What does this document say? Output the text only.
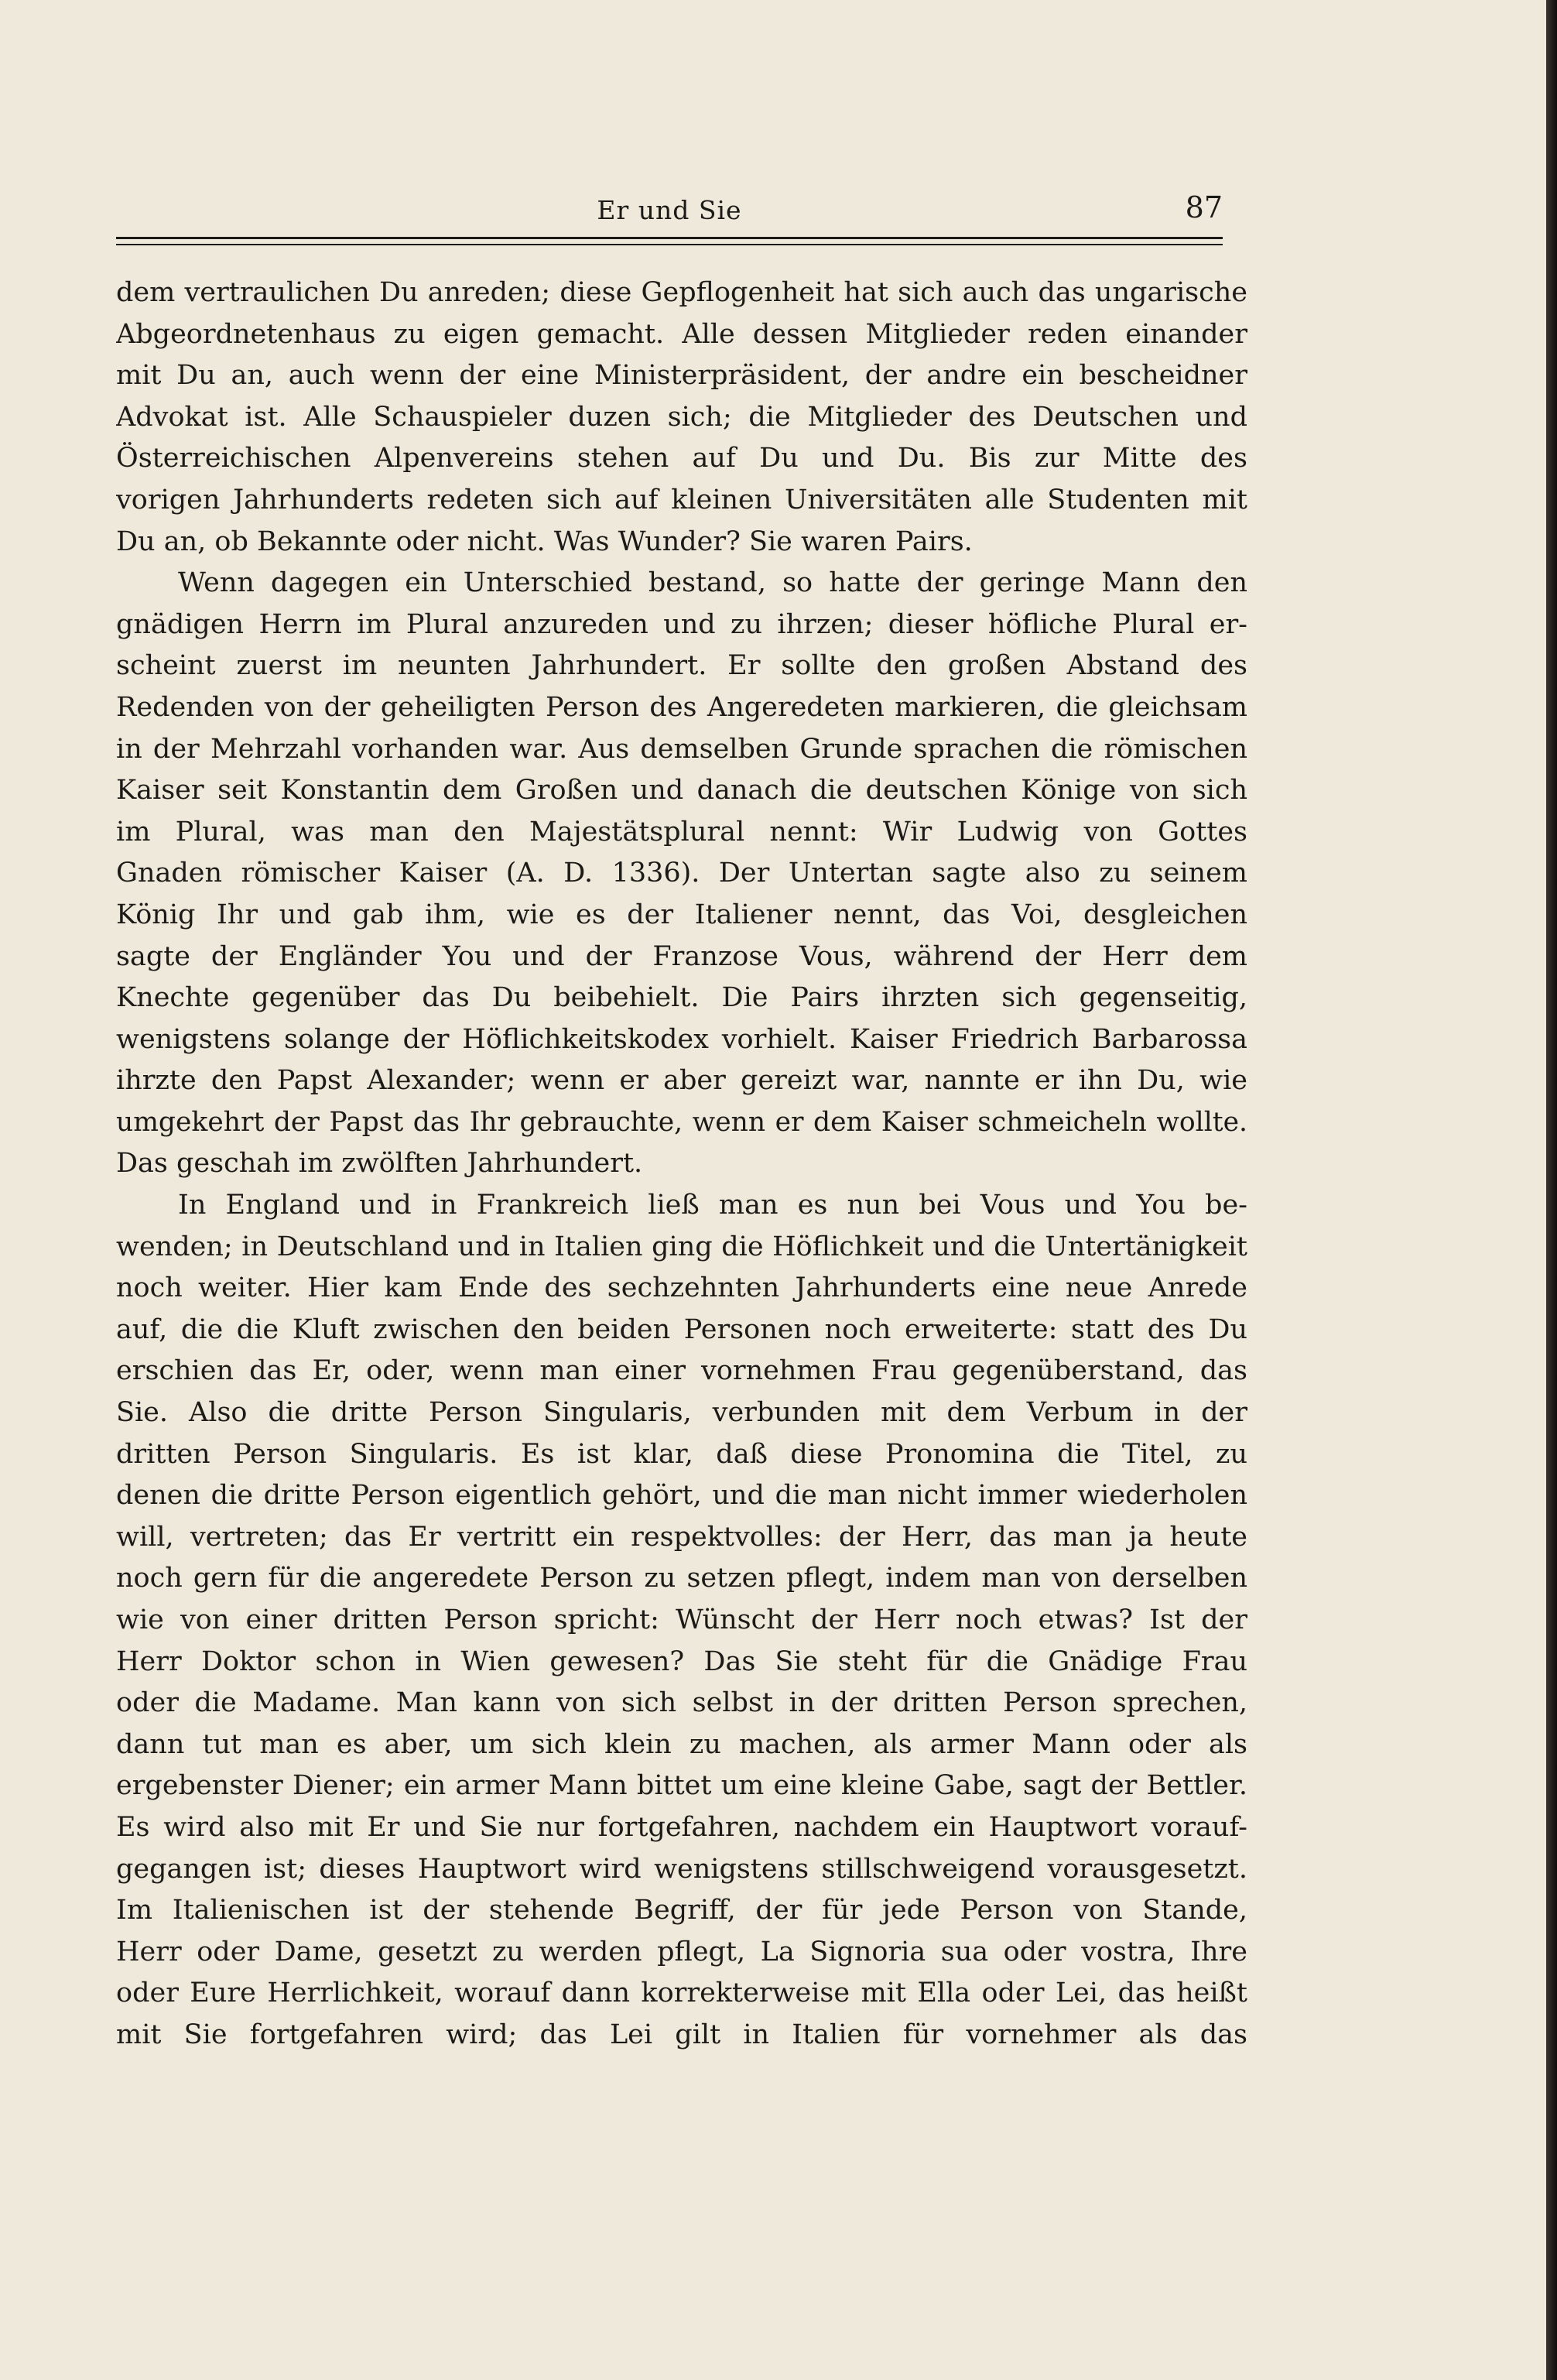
Er und Sie	87
dem vertraulichen Du anreden; diese Gepflogenheit hat sich auch das ungarische
Abgeordnetenhaus zu eigen gemacht. Alle dessen Mitglieder reden einander
mit Du an, auch wenn der eine Ministerpräsident, der andre ein bescheidner
Advokat ist. Alle Schauspieler duzen sich; die Mitglieder des Deutschen und
Österreichischen Alpenvereins stehen auf Du und Du. Bis zur Mitte des
vorigen Jahrhunderts redeten sich auf kleinen Universitäten alle Studenten mit
Du an, ob Bekannte oder nicht. Was Wunder? Sie waren Pairs.
Wenn dagegen ein Unterschied bestand, so hatte der geringe Mann den
gnädigen Herrn im Plural anzureden und zu ihrzen; dieser höfliche Plural er-
scheint zuerst im neunten Jahrhundert. Er sollte den großen Abstand des
Redenden von der geheiligten Person des Angeredeten markieren, die gleichsam
in der Mehrzahl vorhanden war. Aus demselben Grunde sprachen die römischen
Kaiser seit Konstantin dem Großen und danach die deutschen Könige von sich
im Plural, was man den Majestätsplural nennt: Wir Ludwig von Gottes
Gnaden römischer Kaiser (A. D. 1336). Der Untertan sagte also zu seinem
König Ihr und gab ihm, wie es der Italiener nennt, das Voi, desgleichen
sagte der Engländer You und der Franzose Vous, während der Herr dem
Knechte gegenüber das Du beibehielt. Die Pairs ihrzten sich gegenseitig,
wenigstens solange der Höflichkeitskodex vorhielt. Kaiser Friedrich Barbarossa
ihrzte den Papst Alexander; wenn er aber gereizt war, nannte er ihn Du, wie
umgekehrt der Papst das Ihr gebrauchte, wenn er dem Kaiser schmeicheln wollte.
Das geschah im zwölften Jahrhundert.
In England und in Frankreich ließ man es nun bei Vous und You be-
wenden; in Deutschland und in Italien ging die Höflichkeit und die Untertänigkeit
noch weiter. Hier kam Ende des sechzehnten Jahrhunderts eine neue Anrede
auf, die die Kluft zwischen den beiden Personen noch erweiterte: statt des Du
erschien das Er, oder, wenn man einer vornehmen Frau gegenüberstand, das
Sie. Also die dritte Person Singularis, verbunden mit dem Verbum in der
dritten Person Singularis. Es ist klar, daß diese Pronomina die Titel, zu
denen die dritte Person eigentlich gehört, und die man nicht immer wiederholen
will, vertreten; das Er vertritt ein respektvolles: der Herr, das man ja heute
noch gern für die angeredete Person zu setzen pflegt, indem man von derselben
wie von einer dritten Person spricht: Wünscht der Herr noch etwas? Ist der
Herr Doktor schon in Wien gewesen? Das Sie steht für die Gnädige Frau
oder die Madame. Man kann von sich selbst in der dritten Person sprechen,
dann tut man es aber, um sich klein zu machen, als armer Mann oder als
ergebenster Diener; ein armer Mann bittet um eine kleine Gabe, sagt der Bettler.
Es wird also mit Er und Sie nur fortgefahren, nachdem ein Hauptwort vorauf-
gegangen ist; dieses Hauptwort wird wenigstens stillschweigend vorausgesetzt.
Im Italienischen ist der stehende Begriff, der für jede Person von Stande,
Herr oder Dame, gesetzt zu werden pflegt, La Signoria sua oder vostra, Ihre
oder Eure Herrlichkeit, worauf dann korrekterweise mit Ella oder Lei, das heißt
mit Sie fortgefahren wird; das Lei gilt in Italien für vornehmer als das
